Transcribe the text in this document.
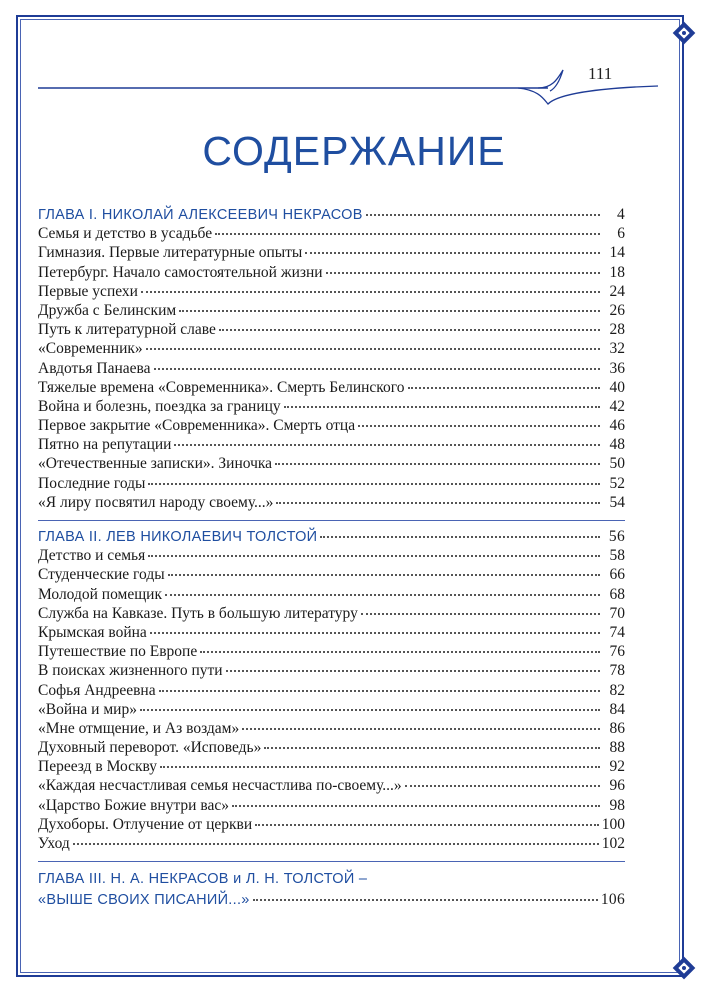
111
СОДЕРЖАНИЕ
ГЛАВА I. НИКОЛАЙ АЛЕКСЕЕВИЧ НЕКРАСОВ	4
Семья и детство в усадьбе	6
Гимназия. Первые литературные опыты	14
Петербург. Начало самостоятельной жизни	18
Первые успехи	24
Дружба с Белинским	26
Путь к литературной славе	28
«Современник»	32
Авдотья Панаева	36
Тяжелые времена «Современника». Смерть Белинского	40
Война и болезнь, поездка за границу	42
Первое закрытие «Современника». Смерть отца	46
Пятно на репутации	48
«Отечественные записки». Зиночка	50
Последние годы	52
«Я лиру посвятил народу своему...»	54
ГЛАВА II. ЛЕВ НИКОЛАЕВИЧ ТОЛСТОЙ	56
Детство и семья	58
Студенческие годы	66
Молодой помещик	68
Служба на Кавказе. Путь в большую литературу	70
Крымская война	74
Путешествие по Европе	76
В поисках жизненного пути	78
Софья Андреевна	82
«Война и мир»	84
«Мне отмщение, и Аз воздам»	86
Духовный переворот. «Исповедь»	88
Переезд в Москву	92
«Каждая несчастливая семья несчастлива по-своему...»	96
«Царство Божие внутри вас»	98
Духоборы. Отлучение от церкви	100
Уход	102
ГЛАВА III. Н. А. НЕКРАСОВ и Л. Н. ТОЛСТОЙ –
«ВЫШЕ СВОИХ ПИСАНИЙ...»	106
